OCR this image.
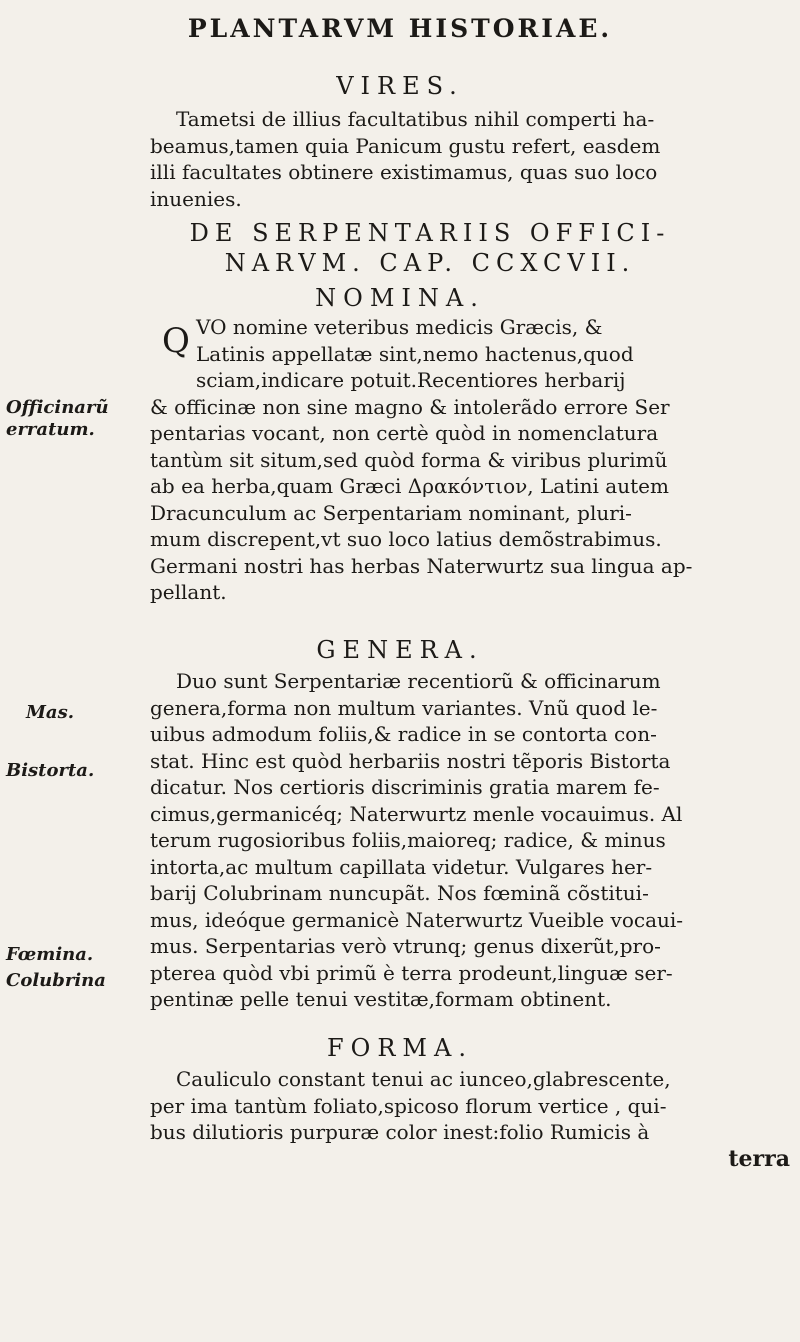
PLANTARVM HISTORIAE.
VIRES.
Tametsi de illius facultatibus nihil comperti ha-
beamus,tamen quia Panicum gustu refert, easdem
illi facultates obtinere existimamus, quas suo loco
inuenies.
DE SERPENTARIIS OFFICI-
NARVM. CAP. CCXCVII.
NOMINA.
Q VO nomine veteribus medicis Græcis, &
Latinis appellatæ sint,nemo hactenus,quod
sciam,indicare potuit.Recentiores herbarij
& officinæ non sine magno & intolerãdo errore Ser
pentarias vocant, non certè quòd in nomenclatura
tantùm sit situm,sed quòd forma & viribus plurimũ
ab ea herba,quam Græci Δρακόντιον, Latini autem
Dracunculum ac Serpentariam nominant, pluri-
mum discrepent,vt suo loco latius demõstrabimus.
Germani nostri has herbas Naterwurtz sua lingua ap-
pellant.
Officinarũ
erratum.
GENERA.
Duo sunt Serpentariæ recentiorũ & officinarum
genera,forma non multum variantes. Vnũ quod le-
uibus admodum foliis,& radice in se contorta con-
stat. Hinc est quòd herbariis nostri tẽporis Bistorta
dicatur. Nos certioris discriminis gratia marem fe-
cimus,germanicéq; Naterwurtz menle vocauimus. Al
terum rugosioribus foliis,maioreq; radice, & minus
intorta,ac multum capillata videtur. Vulgares her-
barij Colubrinam nuncupãt. Nos fœminã cõstitui-
mus, ideóque germanicè Naterwurtz Vueible vocaui-
mus. Serpentarias verò vtrunq; genus dixerũt,pro-
pterea quòd vbi primũ è terra prodeunt,linguæ ser-
pentinæ pelle tenui vestitæ,formam obtinent.
Mas.
Bistorta.
Fœmina.
Colubrina
FORMA.
Cauliculo constant tenui ac iunceo,glabrescente,
per ima tantùm foliato,spicoso florum vertice , qui-
bus dilutioris purpuræ color inest:folio Rumicis à
terra
